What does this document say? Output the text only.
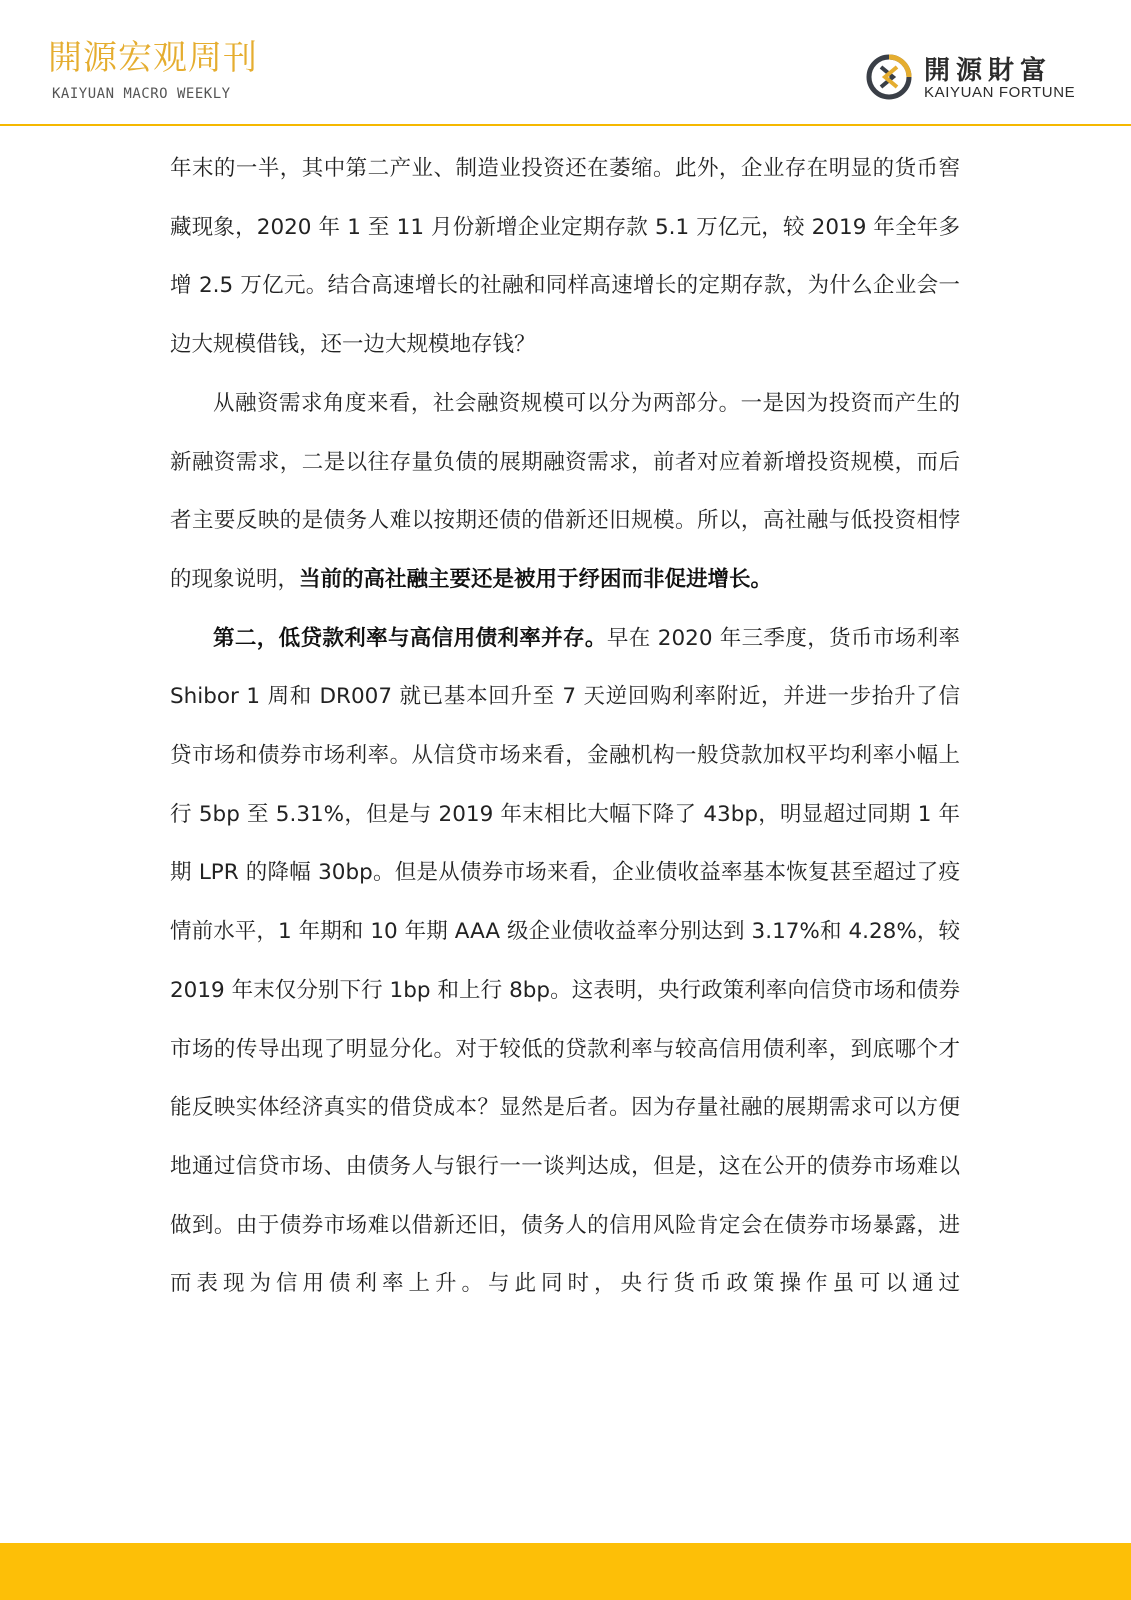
開源宏观周刊
KAIYUAN MACRO WEEKLY
開源財富
KAIYUAN FORTUNE

年末的一半，其中第二产业、制造业投资还在萎缩。此外，企业存在明显的货币窖藏现象，2020 年 1 至 11 月份新增企业定期存款 5.1 万亿元，较 2019 年全年多增 2.5 万亿元。结合高速增长的社融和同样高速增长的定期存款，为什么企业会一边大规模借钱，还一边大规模地存钱？

从融资需求角度来看，社会融资规模可以分为两部分。一是因为投资而产生的新融资需求，二是以往存量负债的展期融资需求，前者对应着新增投资规模，而后者主要反映的是债务人难以按期还债的借新还旧规模。所以，高社融与低投资相悖的现象说明，当前的高社融主要还是被用于纾困而非促进增长。

第二，低贷款利率与高信用债利率并存。早在 2020 年三季度，货币市场利率 Shibor 1 周和 DR007 就已基本回升至 7 天逆回购利率附近，并进一步抬升了信贷市场和债券市场利率。从信贷市场来看，金融机构一般贷款加权平均利率小幅上行 5bp 至 5.31%，但是与 2019 年末相比大幅下降了 43bp，明显超过同期 1 年期 LPR 的降幅 30bp。但是从债券市场来看，企业债收益率基本恢复甚至超过了疫情前水平，1 年期和 10 年期 AAA 级企业债收益率分别达到 3.17%和 4.28%，较 2019 年末仅分别下行 1bp 和上行 8bp。这表明，央行政策利率向信贷市场和债券市场的传导出现了明显分化。对于较低的贷款利率与较高信用债利率，到底哪个才能反映实体经济真实的借贷成本？显然是后者。因为存量社融的展期需求可以方便地通过信贷市场、由债务人与银行一一谈判达成，但是，这在公开的债券市场难以做到。由于债券市场难以借新还旧，债务人的信用风险肯定会在债券市场暴露，进而表现为信用债利率上升。与此同时，央行货币政策操作虽可以通过
